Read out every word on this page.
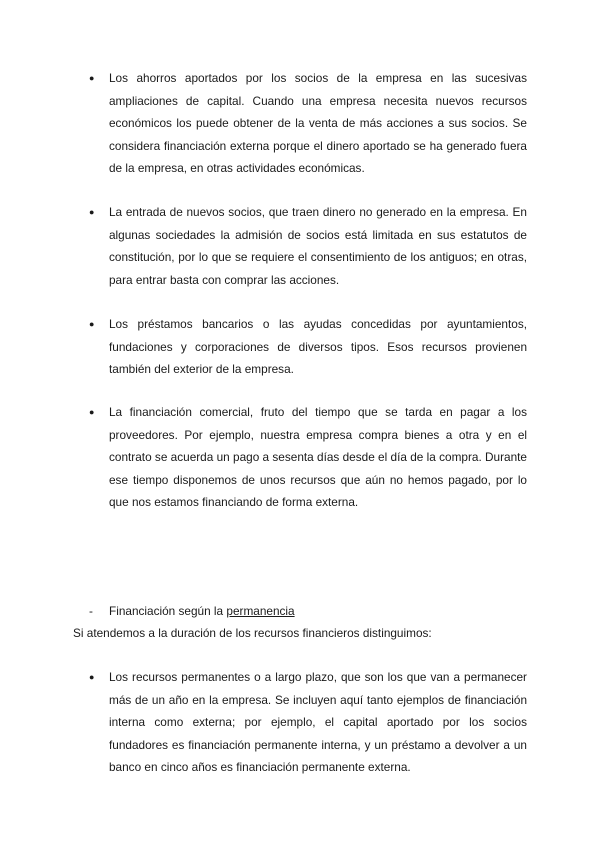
● Los ahorros aportados por los socios de la empresa en las sucesivas ampliaciones de capital. Cuando una empresa necesita nuevos recursos económicos los puede obtener de la venta de más acciones a sus socios. Se considera financiación externa porque el dinero aportado se ha generado fuera de la empresa, en otras actividades económicas.
● La entrada de nuevos socios, que traen dinero no generado en la empresa. En algunas sociedades la admisión de socios está limitada en sus estatutos de constitución, por lo que se requiere el consentimiento de los antiguos; en otras, para entrar basta con comprar las acciones.
● Los préstamos bancarios o las ayudas concedidas por ayuntamientos, fundaciones y corporaciones de diversos tipos. Esos recursos provienen también del exterior de la empresa.
● La financiación comercial, fruto del tiempo que se tarda en pagar a los proveedores. Por ejemplo, nuestra empresa compra bienes a otra y en el contrato se acuerda un pago a sesenta días desde el día de la compra. Durante ese tiempo disponemos de unos recursos que aún no hemos pagado, por lo que nos estamos financiando de forma externa.
- Financiación según la permanencia
Si atendemos a la duración de los recursos financieros distinguimos:
● Los recursos permanentes o a largo plazo, que son los que van a permanecer más de un año en la empresa. Se incluyen aquí tanto ejemplos de financiación interna como externa; por ejemplo, el capital aportado por los socios fundadores es financiación permanente interna, y un préstamo a devolver a un banco en cinco años es financiación permanente externa.
